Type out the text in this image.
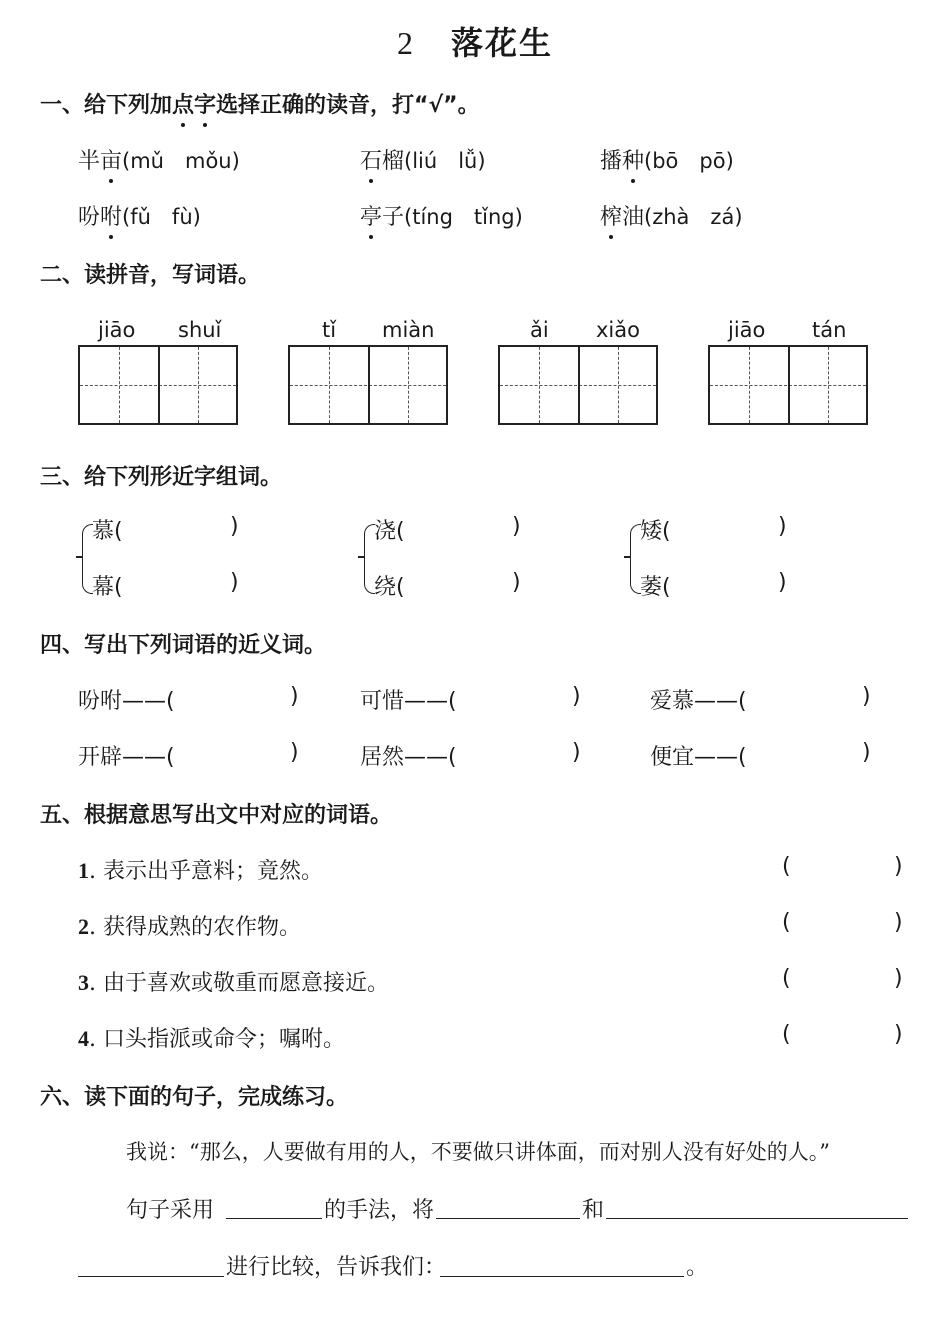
2 落花生
一、给下列加点字选择正确的读音，打“√”。
半亩(mǔ　mǒu)	石榴(liú　lǚ)	播种(bō　pō)
吩咐(fǔ　fù)	亭子(tíng　tǐng)	榨油(zhà　zá)
二、读拼音，写词语。
jiāo shuǐ	tǐ miàn	ǎi xiǎo	jiāo tán
三、给下列形近字组词。
慕(	)
幕(	)
浇(	)
绕(	)
矮(	)
萎(	)
四、写出下列词语的近义词。
吩咐——(	)	可惜——(	)	爱慕——(	)
开辟——(	)	居然——(	)	便宜——(	)
五、根据意思写出文中对应的词语。
1. 表示出乎意料；竟然。	(	)
2. 获得成熟的农作物。	(	)
3. 由于喜欢或敬重而愿意接近。	(	)
4. 口头指派或命令；嘱咐。	(	)
六、读下面的句子，完成练习。
我说：“那么，人要做有用的人，不要做只讲体面，而对别人没有好处的人。”
句子采用	的手法，将	和
进行比较，告诉我们：	。
